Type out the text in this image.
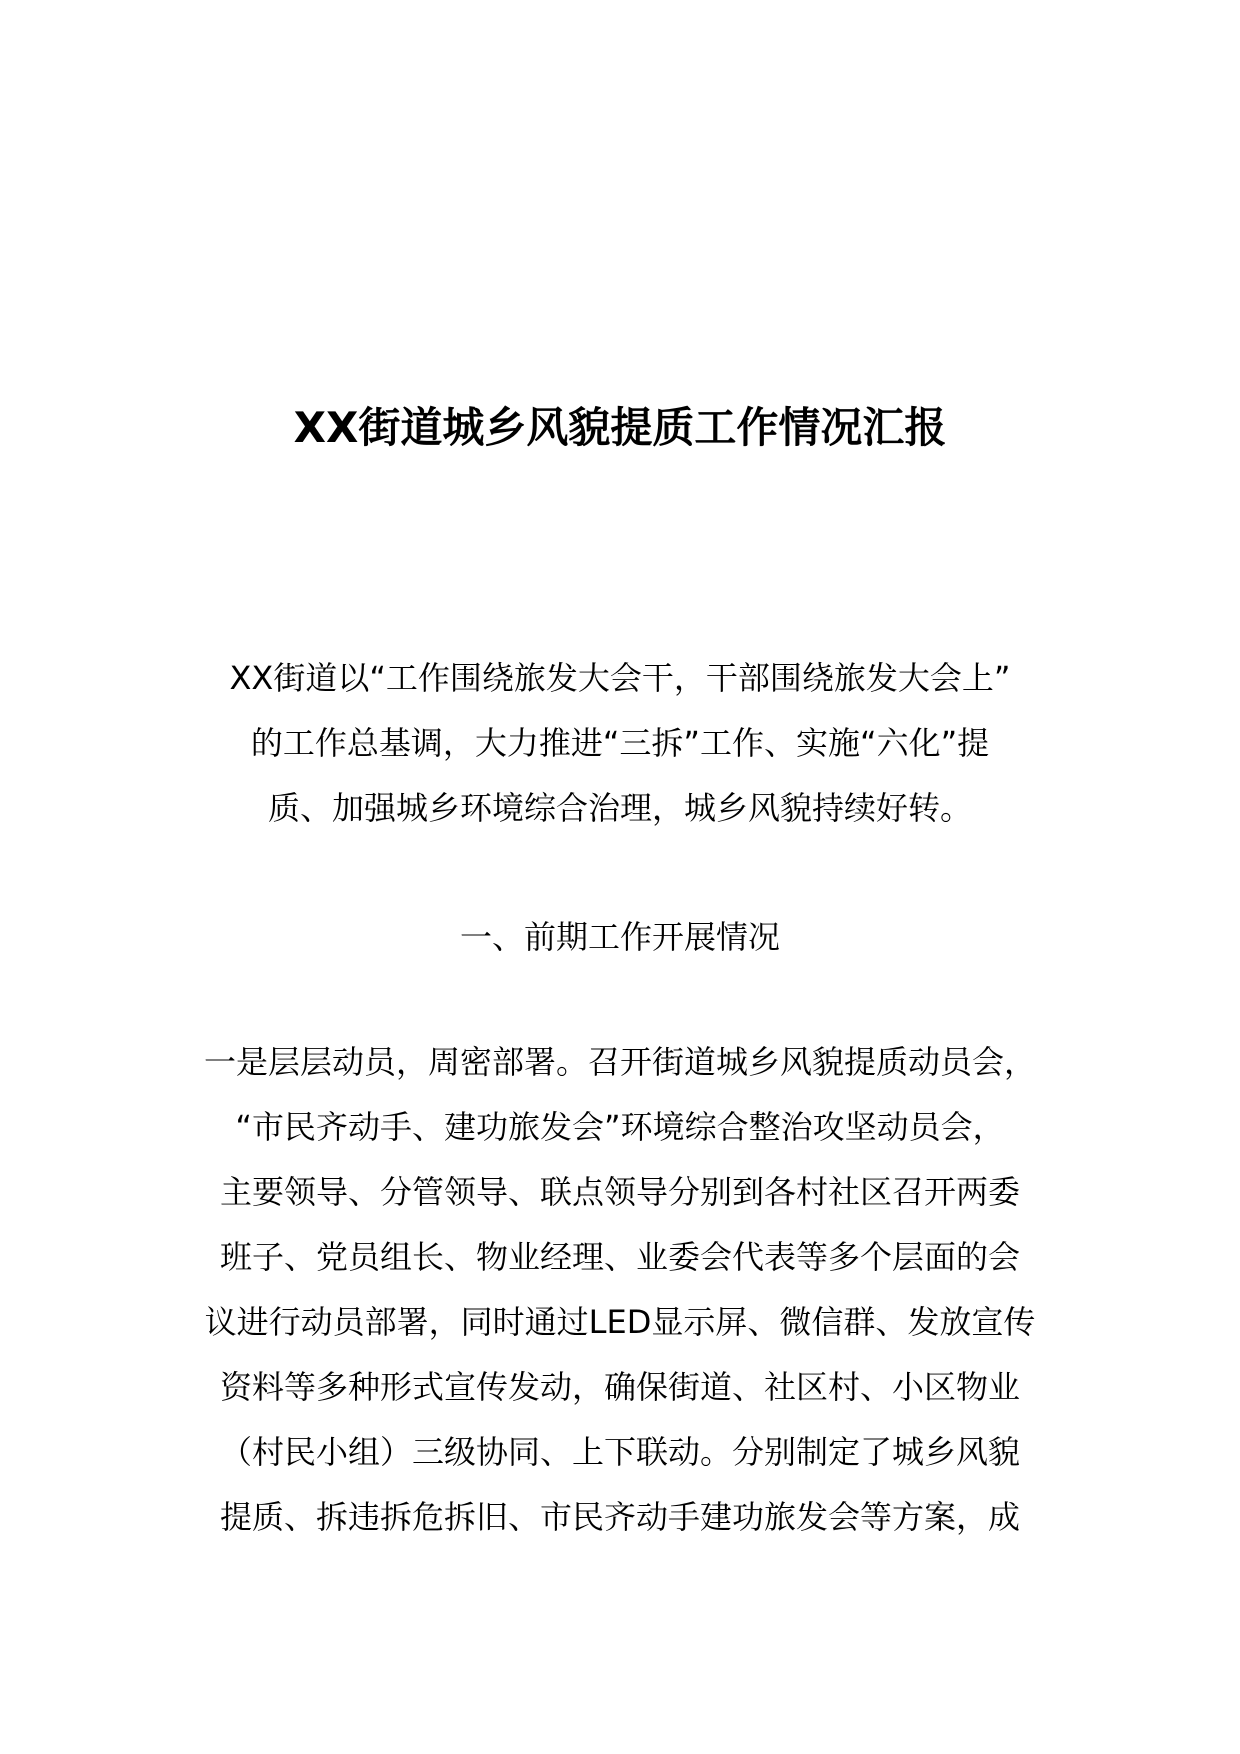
XX街道城乡风貌提质工作情况汇报
XX街道以“工作围绕旅发大会干，干部围绕旅发大会上”
的工作总基调，大力推进“三拆”工作、实施“六化”提
质、加强城乡环境综合治理，城乡风貌持续好转。
一、前期工作开展情况
一是层层动员，周密部署。召开街道城乡风貌提质动员会，
“市民齐动手、建功旅发会”环境综合整治攻坚动员会，
主要领导、分管领导、联点领导分别到各村社区召开两委
班子、党员组长、物业经理、业委会代表等多个层面的会
议进行动员部署，同时通过LED显示屏、微信群、发放宣传
资料等多种形式宣传发动，确保街道、社区村、小区物业
（村民小组）三级协同、上下联动。分别制定了城乡风貌
提质、拆违拆危拆旧、市民齐动手建功旅发会等方案，成
